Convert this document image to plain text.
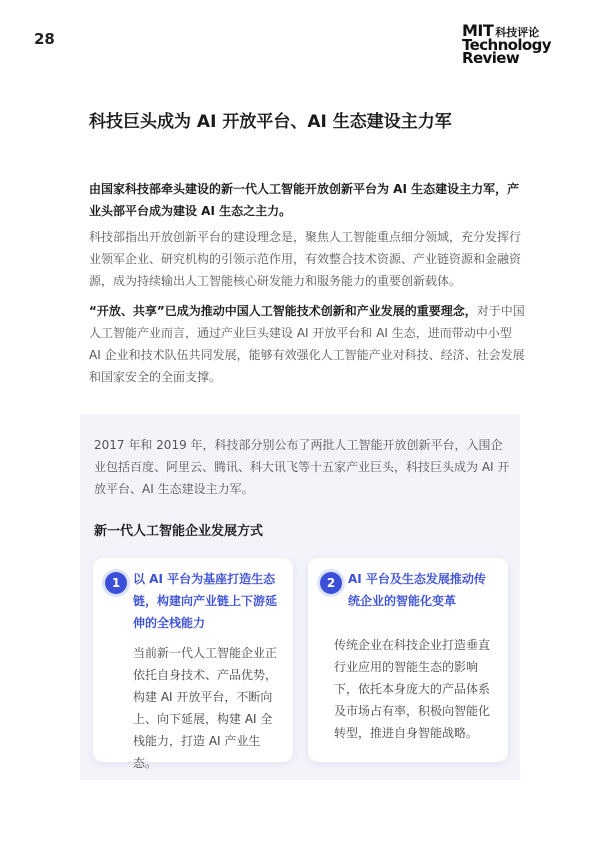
28	MIT 科技评论
Technology
Review
科技巨头成为 AI 开放平台、AI 生态建设主力军

由国家科技部牵头建设的新一代人工智能开放创新平台为 AI 生态建设主力军，产业头部平台成为建设 AI 生态之主力。

科技部指出开放创新平台的建设理念是，聚焦人工智能重点细分领域，充分发挥行业领军企业、研究机构的引领示范作用，有效整合技术资源、产业链资源和金融资源，成为持续输出人工智能核心研发能力和服务能力的重要创新载体。

“开放、共享”已成为推动中国人工智能技术创新和产业发展的重要理念，对于中国人工智能产业而言，通过产业巨头建设 AI 开放平台和 AI 生态，进而带动中小型 AI 企业和技术队伍共同发展，能够有效强化人工智能产业对科技、经济、社会发展和国家安全的全面支撑。

2017 年和 2019 年，科技部分别公布了两批人工智能开放创新平台，入围企业包括百度、阿里云、腾讯、科大讯飞等十五家产业巨头，科技巨头成为 AI 开放平台、AI 生态建设主力军。

新一代人工智能企业发展方式
1	以 AI 平台为基座打造生态链，构建向产业链上下游延伸的全栈能力

当前新一代人工智能企业正依托自身技术、产品优势，构建 AI 开放平台，不断向上、向下延展，构建 AI 全栈能力，打造 AI 产业生态。

2	AI 平台及生态发展推动传统企业的智能化变革

传统企业在科技企业打造垂直行业应用的智能生态的影响下，依托本身庞大的产品体系及市场占有率，积极向智能化转型，推进自身智能战略。
